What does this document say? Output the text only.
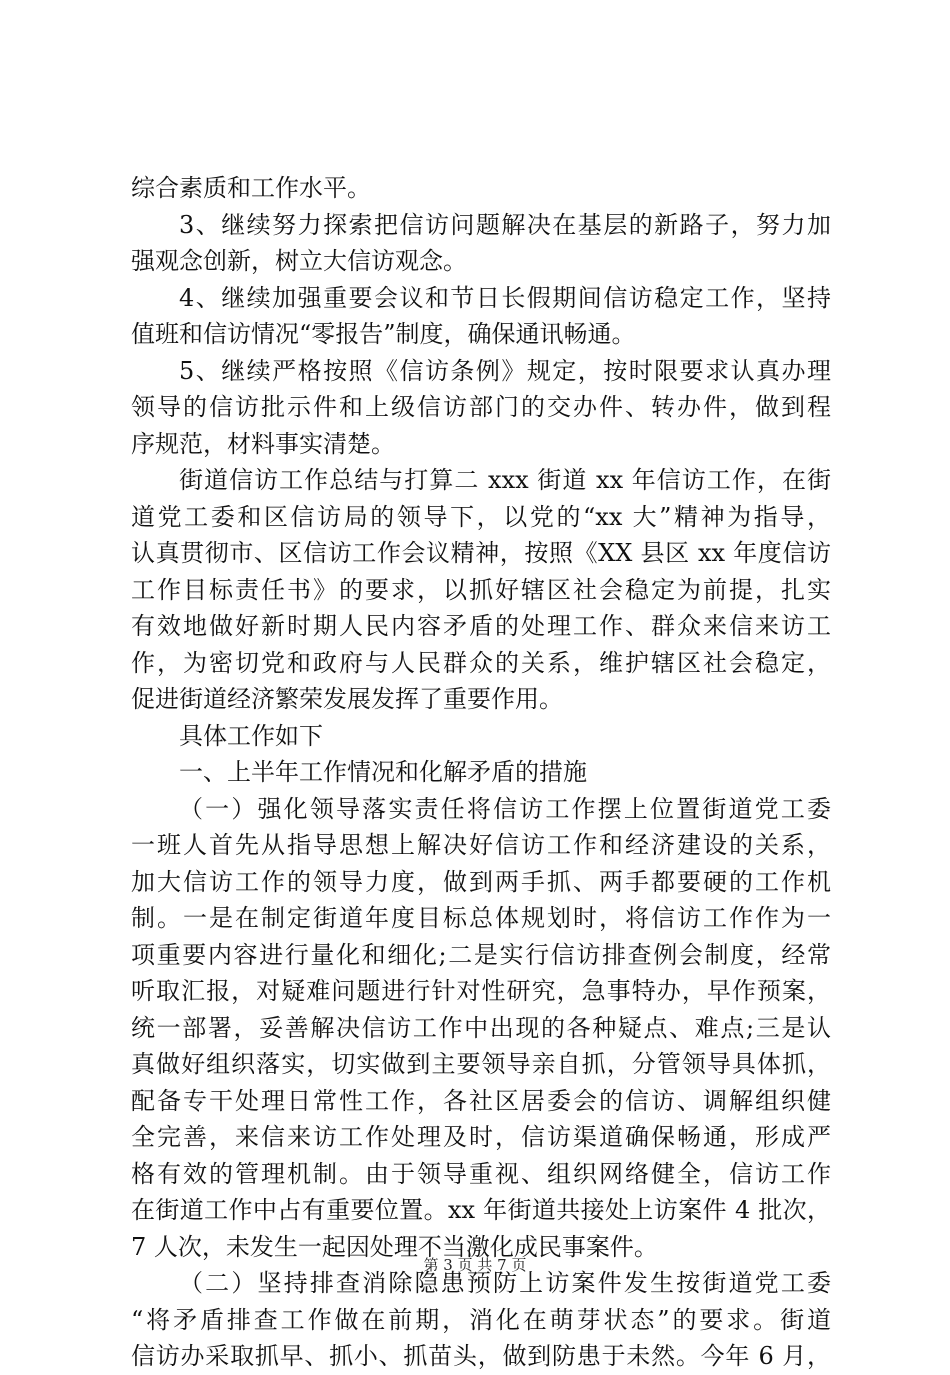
综合素质和工作水平。
3、继续努力探索把信访问题解决在基层的新路子，努力加
强观念创新，树立大信访观念。
4、继续加强重要会议和节日长假期间信访稳定工作，坚持
值班和信访情况“零报告”制度，确保通讯畅通。
5、继续严格按照《信访条例》规定，按时限要求认真办理
领导的信访批示件和上级信访部门的交办件、转办件，做到程
序规范，材料事实清楚。
街道信访工作总结与打算二 xxx 街道 xx 年信访工作，在街
道党工委和区信访局的领导下，以党的“xx 大”精神为指导，
认真贯彻市、区信访工作会议精神，按照《XX 县区 xx 年度信访
工作目标责任书》的要求，以抓好辖区社会稳定为前提，扎实
有效地做好新时期人民内容矛盾的处理工作、群众来信来访工
作，为密切党和政府与人民群众的关系，维护辖区社会稳定，
促进街道经济繁荣发展发挥了重要作用。
具体工作如下
一、上半年工作情况和化解矛盾的措施
（一）强化领导落实责任将信访工作摆上位置街道党工委
一班人首先从指导思想上解决好信访工作和经济建设的关系，
加大信访工作的领导力度，做到两手抓、两手都要硬的工作机
制。一是在制定街道年度目标总体规划时，将信访工作作为一
项重要内容进行量化和细化;二是实行信访排查例会制度，经常
听取汇报，对疑难问题进行针对性研究，急事特办，早作预案，
统一部署，妥善解决信访工作中出现的各种疑点、难点;三是认
真做好组织落实，切实做到主要领导亲自抓，分管领导具体抓，
配备专干处理日常性工作，各社区居委会的信访、调解组织健
全完善，来信来访工作处理及时，信访渠道确保畅通，形成严
格有效的管理机制。由于领导重视、组织网络健全，信访工作
在街道工作中占有重要位置。xx 年街道共接处上访案件 4 批次，
7 人次，未发生一起因处理不当激化成民事案件。
（二）坚持排查消除隐患预防上访案件发生按街道党工委
“将矛盾排查工作做在前期，消化在萌芽状态”的要求。街道
信访办采取抓早、抓小、抓苗头，做到防患于未然。今年 6 月，
第 3 页 共 7 页
